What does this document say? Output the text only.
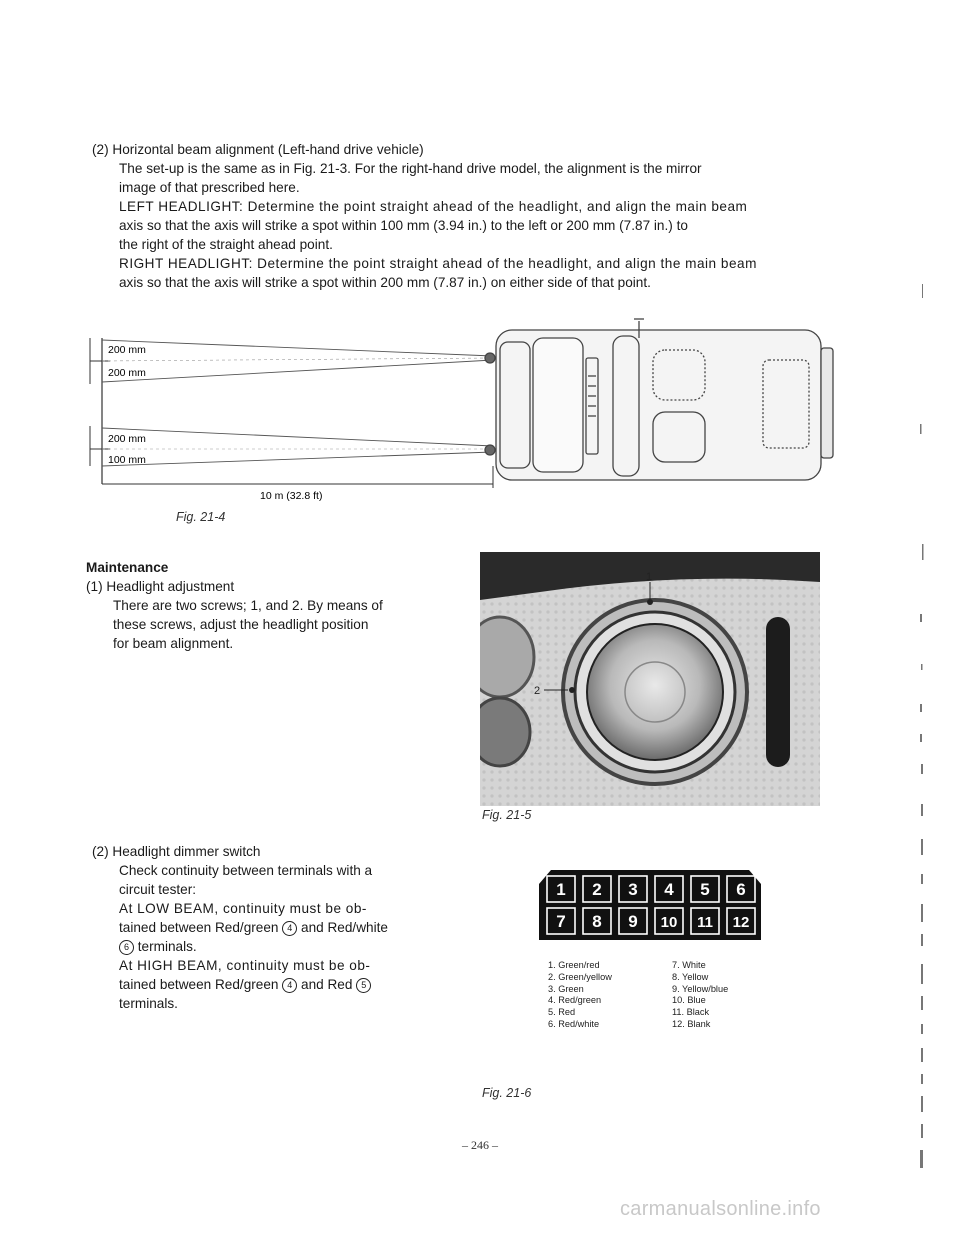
(2) Horizontal beam alignment (Left-hand drive vehicle)

The set-up is the same as in Fig. 21-3. For the right-hand drive model, the alignment is the mirror

image of that prescribed here.

LEFT HEADLIGHT: Determine the point straight ahead of the headlight, and align the main beam

axis so that the axis will strike a spot within 100 mm (3.94 in.) to the left or 200 mm (7.87 in.) to

the right of the straight ahead point.

RIGHT HEADLIGHT: Determine the point straight ahead of the headlight, and align the main beam

axis so that the axis will strike a spot within 200 mm (7.87 in.) on either side of that point.

200 mm
200 mm
200 mm
100 mm
10 m (32.8 ft)
Fig. 21-4

Maintenance

(1) Headlight adjustment

There are two screws; 1, and 2. By means of

these screws, adjust the headlight position

for beam alignment.

1
2
Fig. 21-5

(2) Headlight dimmer switch

Check continuity between terminals with a

circuit tester:

At LOW BEAM, continuity must be ob-

tained between Red/green 4 and Red/white

6 terminals.

At HIGH BEAM, continuity must be ob-

tained between Red/green 4 and Red 5

terminals.

1 2 3 4 5 6
7 8 9 10 11 12
1. Green/red
2. Green/yellow
3. Green
4. Red/green
5. Red
6. Red/white
7. White
8. Yellow
9. Yellow/blue
10. Blue
11. Black
12. Blank
Fig. 21-6
– 246 –
carmanualsonline.info
